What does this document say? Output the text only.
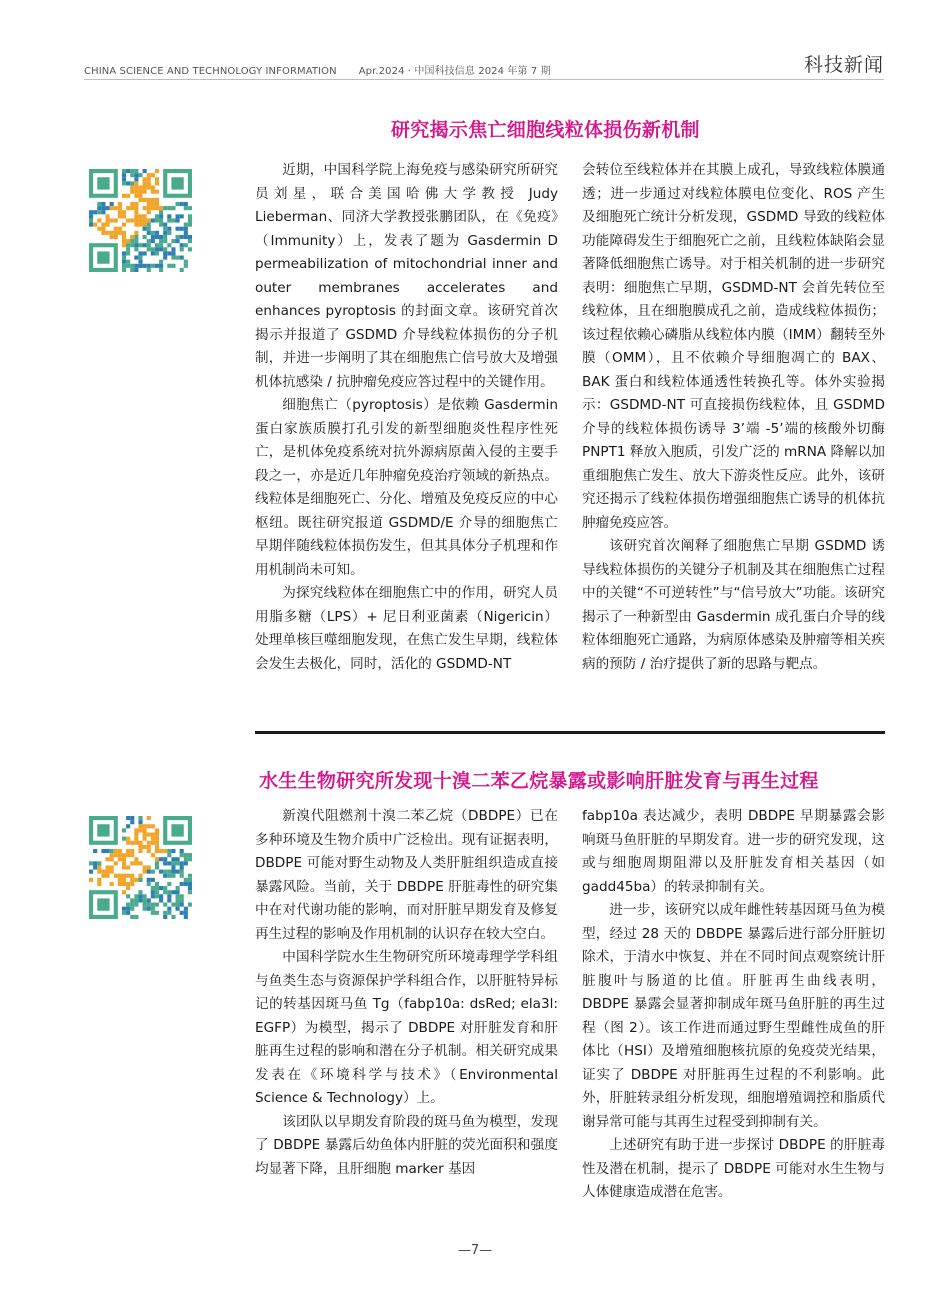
CHINA SCIENCE AND TECHNOLOGY INFORMATION Apr.2024 · 中国科技信息 2024 年第 7 期	科技新闻
研究揭示焦亡细胞线粒体损伤新机制

近期，中国科学院上海免疫与感染研究所研究员刘星，联合美国哈佛大学教授 Judy Lieberman、同济大学教授张鹏团队，在《免疫》（Immunity）上，发表了题为 Gasdermin D permeabilization of mitochondrial inner and outer membranes accelerates and enhances pyroptosis 的封面文章。该研究首次揭示并报道了 GSDMD 介导线粒体损伤的分子机制，并进一步阐明了其在细胞焦亡信号放大及增强机体抗感染 / 抗肿瘤免疫应答过程中的关键作用。

细胞焦亡（pyroptosis）是依赖 Gasdermin 蛋白家族质膜打孔引发的新型细胞炎性程序性死亡，是机体免疫系统对抗外源病原菌入侵的主要手段之一，亦是近几年肿瘤免疫治疗领域的新热点。线粒体是细胞死亡、分化、增殖及免疫反应的中心枢纽。既往研究报道 GSDMD/E 介导的细胞焦亡早期伴随线粒体损伤发生，但其具体分子机理和作用机制尚未可知。

为探究线粒体在细胞焦亡中的作用，研究人员用脂多糖（LPS）+ 尼日利亚菌素（Nigericin）处理单核巨噬细胞发现，在焦亡发生早期，线粒体会发生去极化，同时，活化的 GSDMD-NT

会转位至线粒体并在其膜上成孔，导致线粒体膜通透；进一步通过对线粒体膜电位变化、ROS 产生及细胞死亡统计分析发现，GSDMD 导致的线粒体功能障碍发生于细胞死亡之前，且线粒体缺陷会显著降低细胞焦亡诱导。对于相关机制的进一步研究表明：细胞焦亡早期，GSDMD-NT 会首先转位至线粒体，且在细胞膜成孔之前，造成线粒体损伤；该过程依赖心磷脂从线粒体内膜（IMM）翻转至外膜（OMM），且不依赖介导细胞凋亡的 BAX、BAK 蛋白和线粒体通透性转换孔等。体外实验揭示：GSDMD-NT 可直接损伤线粒体，且 GSDMD 介导的线粒体损伤诱导 3’端 -5’端的核酸外切酶 PNPT1 释放入胞质，引发广泛的 mRNA 降解以加重细胞焦亡发生、放大下游炎性反应。此外，该研究还揭示了线粒体损伤增强细胞焦亡诱导的机体抗肿瘤免疫应答。

该研究首次阐释了细胞焦亡早期 GSDMD 诱导线粒体损伤的关键分子机制及其在细胞焦亡过程中的关键“不可逆转性”与“信号放大”功能。该研究揭示了一种新型由 Gasdermin 成孔蛋白介导的线粒体细胞死亡通路，为病原体感染及肿瘤等相关疾病的预防 / 治疗提供了新的思路与靶点。

水生生物研究所发现十溴二苯乙烷暴露或影响肝脏发育与再生过程

新溴代阻燃剂十溴二苯乙烷（DBDPE）已在多种环境及生物介质中广泛检出。现有证据表明，DBDPE 可能对野生动物及人类肝脏组织造成直接暴露风险。当前，关于 DBDPE 肝脏毒性的研究集中在对代谢功能的影响，而对肝脏早期发育及修复再生过程的影响及作用机制的认识存在较大空白。

中国科学院水生生物研究所环境毒理学学科组与鱼类生态与资源保护学科组合作，以肝脏特异标记的转基因斑马鱼 Tg（fabp10a: dsRed; ela3l: EGFP）为模型，揭示了 DBDPE 对肝脏发育和肝脏再生过程的影响和潜在分子机制。相关研究成果发表在《环境科学与技术》（Environmental Science & Technology）上。

该团队以早期发育阶段的斑马鱼为模型，发现了 DBDPE 暴露后幼鱼体内肝脏的荧光面积和强度均显著下降，且肝细胞 marker 基因

fabp10a 表达减少，表明 DBDPE 早期暴露会影响斑马鱼肝脏的早期发育。进一步的研究发现，这或与细胞周期阻滞以及肝脏发育相关基因（如 gadd45ba）的转录抑制有关。

进一步，该研究以成年雌性转基因斑马鱼为模型，经过 28 天的 DBDPE 暴露后进行部分肝脏切除术，于清水中恢复、并在不同时间点观察统计肝脏腹叶与肠道的比值。肝脏再生曲线表明，DBDPE 暴露会显著抑制成年斑马鱼肝脏的再生过程（图 2）。该工作进而通过野生型雌性成鱼的肝体比（HSI）及增殖细胞核抗原的免疫荧光结果，证实了 DBDPE 对肝脏再生过程的不利影响。此外，肝脏转录组分析发现，细胞增殖调控和脂质代谢异常可能与其再生过程受到抑制有关。

上述研究有助于进一步探讨 DBDPE 的肝脏毒性及潜在机制，提示了 DBDPE 可能对水生生物与人体健康造成潜在危害。

—7—
